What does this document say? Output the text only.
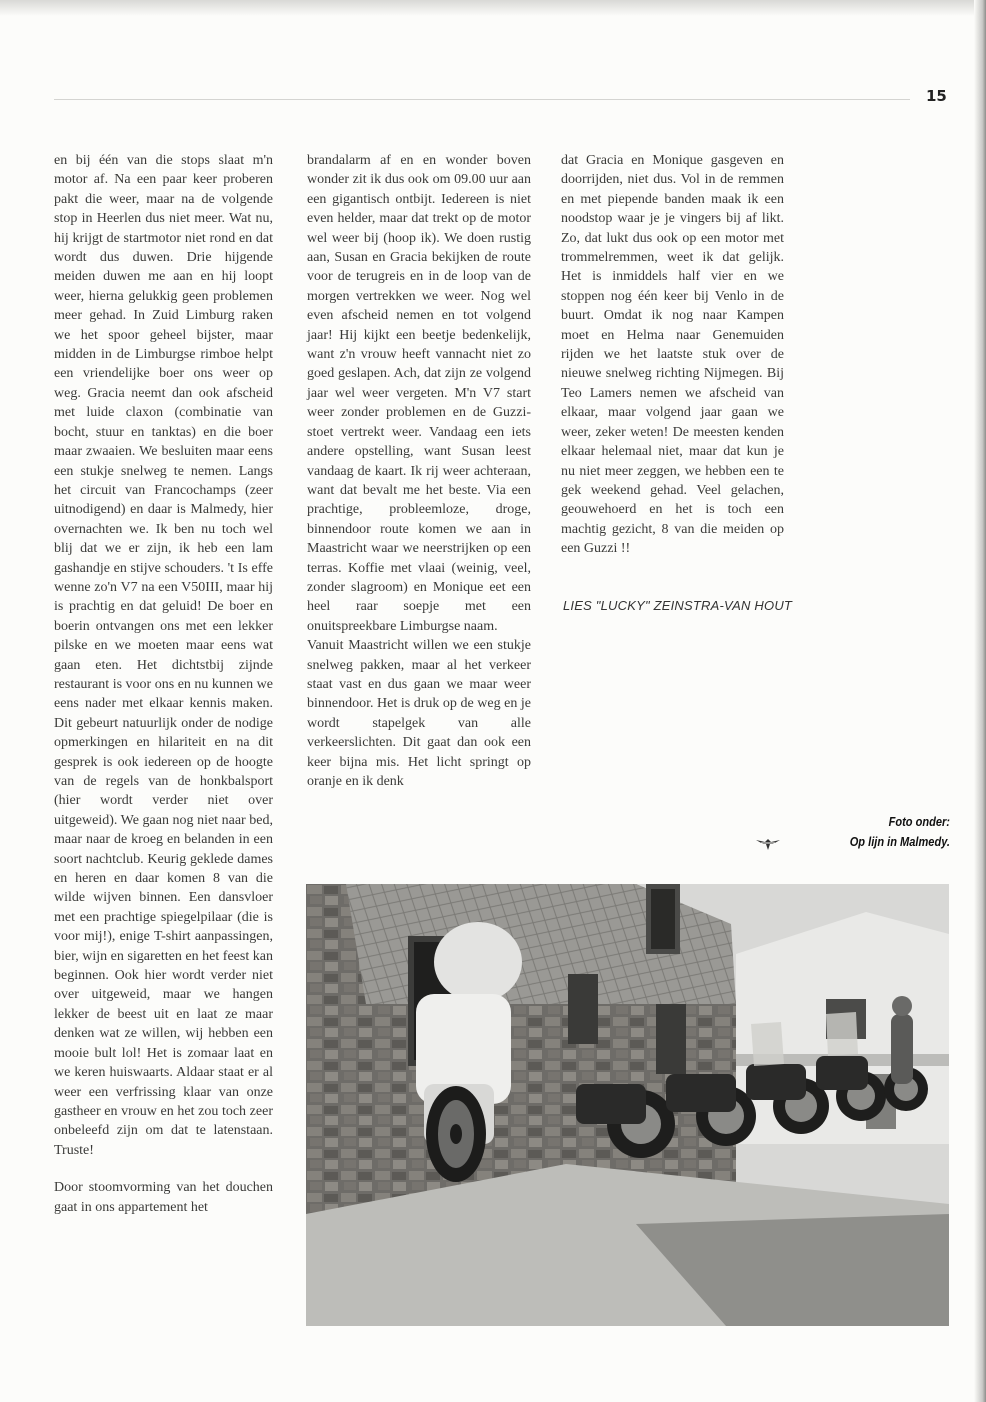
15

en bij één van die stops slaat m'n motor af. Na een paar keer proberen pakt die weer, maar na de volgende stop in Heerlen dus niet meer. Wat nu, hij krijgt de startmotor niet rond en dat wordt dus duwen. Drie hijgende meiden duwen me aan en hij loopt weer, hierna gelukkig geen problemen meer gehad. In Zuid Limburg raken we het spoor geheel bijster, maar midden in de Limburgse rimboe helpt een vriendelijke boer ons weer op weg. Gracia neemt dan ook afscheid met luide claxon (combinatie van bocht, stuur en tanktas) en die boer maar zwaaien. We besluiten maar eens een stukje snelweg te nemen. Langs het circuit van Francochamps (zeer uitnodigend) en daar is Malmedy, hier overnachten we. Ik ben nu toch wel blij dat we er zijn, ik heb een lam gashandje en stijve schouders. 't Is effe wenne zo'n V7 na een V50III, maar hij is prachtig en dat geluid! De boer en boerin ontvangen ons met een lekker pilske en we moeten maar eens wat gaan eten. Het dichtstbij zijnde restaurant is voor ons en nu kunnen we eens nader met elkaar kennis maken. Dit gebeurt natuurlijk onder de nodige opmerkingen en hilariteit en na dit gesprek is ook iedereen op de hoogte van de regels van de honkbalsport (hier wordt verder niet over uitgeweid). We gaan nog niet naar bed, maar naar de kroeg en belanden in een soort nachtclub. Keurig geklede dames en heren en daar komen 8 van die wilde wijven binnen. Een dansvloer met een prachtige spiegelpilaar (die is voor mij!), enige T-shirt aanpassingen, bier, wijn en sigaretten en het feest kan beginnen. Ook hier wordt verder niet over uitgeweid, maar we hangen lekker de beest uit en laat ze maar denken wat ze willen, wij hebben een mooie bult lol! Het is zomaar laat en we keren huiswaarts. Aldaar staat er al weer een verfrissing klaar van onze gastheer en vrouw en het zou toch zeer onbeleefd zijn om dat te latenstaan. Truste!

Door stoomvorming van het douchen gaat in ons appartement het

brandalarm af en en wonder boven wonder zit ik dus ook om 09.00 uur aan een gigantisch ontbijt. Iedereen is niet even helder, maar dat trekt op de motor wel weer bij (hoop ik). We doen rustig aan, Susan en Gracia bekijken de route voor de terugreis en in de loop van de morgen vertrekken we weer. Nog wel even afscheid nemen en tot volgend jaar! Hij kijkt een beetje bedenkelijk, want z'n vrouw heeft vannacht niet zo goed geslapen. Ach, dat zijn ze volgend jaar wel weer vergeten. M'n V7 start weer zonder problemen en de Guzzi-stoet vertrekt weer. Vandaag een iets andere opstelling, want Susan leest vandaag de kaart. Ik rij weer achteraan, want dat bevalt me het beste. Via een prachtige, probleemloze, droge, binnendoor route komen we aan in Maastricht waar we neerstrijken op een terras. Koffie met vlaai (weinig, veel, zonder slagroom) en Monique eet een heel raar soepje met een onuitspreekbare Limburgse naam.

Vanuit Maastricht willen we een stukje snelweg pakken, maar al het verkeer staat vast en dus gaan we maar weer binnendoor. Het is druk op de weg en je wordt stapelgek van alle verkeerslichten. Dit gaat dan ook een keer bijna mis. Het licht springt op oranje en ik denk

dat Gracia en Monique gasgeven en doorrijden, niet dus. Vol in de remmen en met piepende banden maak ik een noodstop waar je je vingers bij af likt. Zo, dat lukt dus ook op een motor met trommelremmen, weet ik dat gelijk. Het is inmiddels half vier en we stoppen nog één keer bij Venlo in de buurt. Omdat ik nog naar Kampen moet en Helma naar Genemuiden rijden we het laatste stuk over de nieuwe snelweg richting Nijmegen. Bij Teo Lamers nemen we afscheid van elkaar, maar volgend jaar gaan we weer, zeker weten! De meesten kenden elkaar helemaal niet, maar dat kun je nu niet meer zeggen, we hebben een te gek weekend gehad. Veel gelachen, geouwehoerd en het is toch een machtig gezicht, 8 van die meiden op een Guzzi !!

LIES "LUCKY" ZEINSTRA-VAN HOUT
Foto onder:
Op lijn in Malmedy.
